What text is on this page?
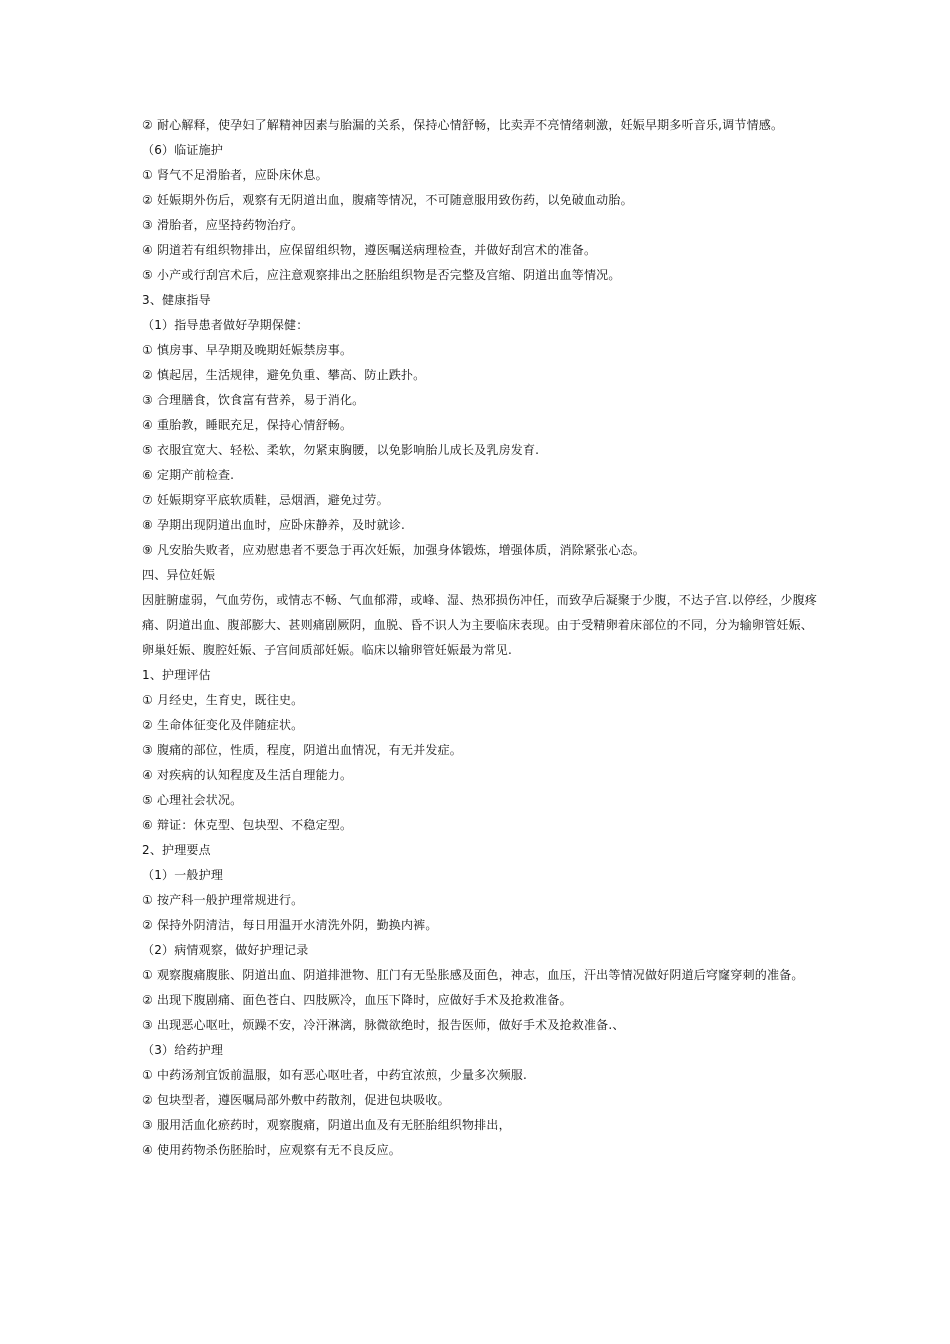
② 耐心解释，使孕妇了解精神因素与胎漏的关系，保持心情舒畅，比卖弄不亮情绪刺激，妊娠早期多听音乐,调节情感。

（6）临证施护

① 肾气不足滑胎者，应卧床休息。

② 妊娠期外伤后，观察有无阴道出血，腹痛等情况，不可随意服用致伤药，以免破血动胎。

③ 滑胎者，应坚持药物治疗。

④ 阴道若有组织物排出，应保留组织物，遵医嘱送病理检查，并做好刮宫术的准备。

⑤ 小产或行刮宫术后，应注意观察排出之胚胎组织物是否完整及宫缩、阴道出血等情况。

3、健康指导

（1）指导患者做好孕期保健：

① 慎房事、早孕期及晚期妊娠禁房事。

② 慎起居，生活规律，避免负重、攀高、防止跌扑。

③ 合理膳食，饮食富有营养，易于消化。

④ 重胎教，睡眠充足，保持心情舒畅。

⑤ 衣服宜宽大、轻松、柔软，勿紧束胸腰，以免影响胎儿成长及乳房发育.

⑥ 定期产前检查.

⑦ 妊娠期穿平底软质鞋，忌烟酒，避免过劳。

⑧ 孕期出现阴道出血时，应卧床静养，及时就诊.

⑨ 凡安胎失败者，应劝慰患者不要急于再次妊娠，加强身体锻炼，增强体质，消除紧张心态。

四、异位妊娠

因脏腑虚弱，气血劳伤，或情志不畅、气血郁滞，或峰、湿、热邪损伤冲任，而致孕后凝聚于少腹，不达子宫.以停经，少腹疼痛、阴道出血、腹部膨大、甚则痛剧厥阴，血脱、昏不识人为主要临床表现。由于受精卵着床部位的不同，分为输卵管妊娠、卵巢妊娠、腹腔妊娠、子宫间质部妊娠。临床以输卵管妊娠最为常见.

1、护理评估

① 月经史，生育史，既往史。

② 生命体征变化及伴随症状。

③ 腹痛的部位，性质，程度，阴道出血情况，有无并发症。

④ 对疾病的认知程度及生活自理能力。

⑤ 心理社会状况。

⑥ 辩证：休克型、包块型、不稳定型。

2、护理要点

（1）一般护理

① 按产科一般护理常规进行。

② 保持外阴清洁，每日用温开水清洗外阴，勤换内裤。

（2）病情观察，做好护理记录

① 观察腹痛腹胀、阴道出血、阴道排泄物、肛门有无坠胀感及面色，神志，血压，汗出等情况做好阴道后穹窿穿刺的准备。

② 出现下腹剧痛、面色苍白、四肢厥冷，血压下降时，应做好手术及抢救准备。

③ 出现恶心呕吐，烦躁不安，冷汗淋漓，脉微欲绝时，报告医师，做好手术及抢救准备.、

（3）给药护理

① 中药汤剂宜饭前温服，如有恶心呕吐者，中药宜浓煎，少量多次频服.

② 包块型者，遵医嘱局部外敷中药散剂，促进包块吸收。

③ 服用活血化瘀药时，观察腹痛，阴道出血及有无胚胎组织物排出，

④ 使用药物杀伤胚胎时，应观察有无不良反应。
